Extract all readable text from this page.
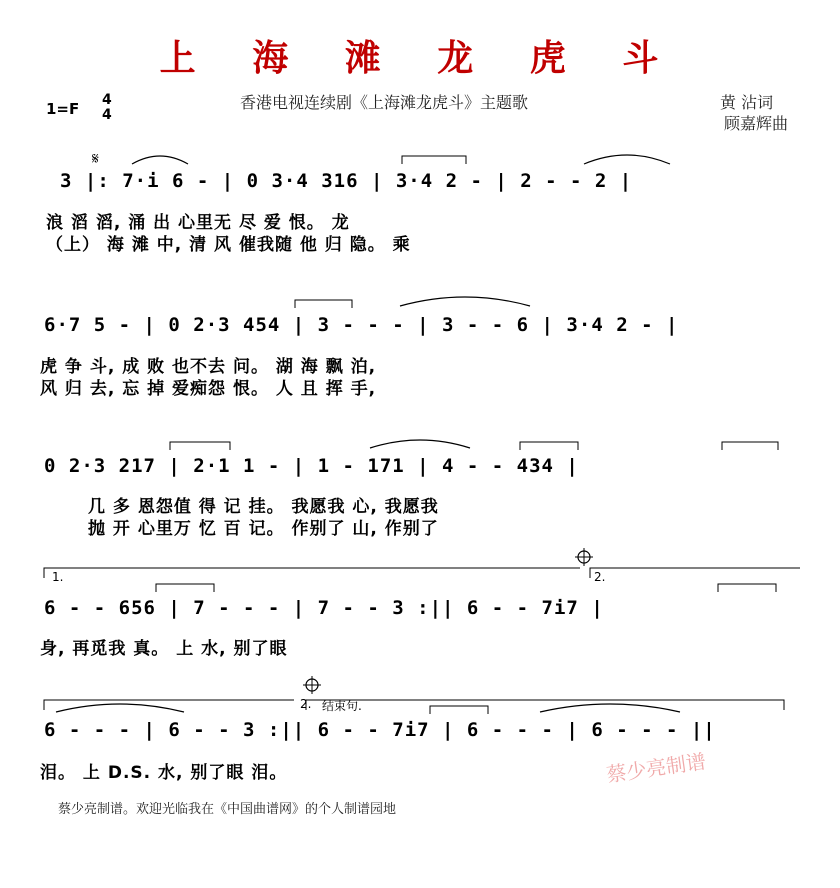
上 海 滩 龙 虎 斗
香港电视连续剧《上海滩龙虎斗》主题歌	黄 沾词
顾嘉辉曲
1=F 4
4
3 |: 7·i 6 - | 0 3·4 316 | 3·4 2 - | 2 - - 2 |
浪 滔 滔, 涌 出 心里无 尽 爱 恨。 龙
（上） 海 滩 中, 清 风 催我随 他 归 隐。 乘
6·7 5 - | 0 2·3 454 | 3 - - - | 3 - - 6 | 3·4 2 - |
虎 争 斗, 成 败 也不去 问。 湖 海 飘 泊,
风 归 去, 忘 掉 爱痴怨 恨。 人 且 挥 手,
0 2·3 217 | 2·1 1 - | 1 - 171 | 4 - - 434 |
几 多 恩怨值 得 记 挂。 我愿我 心, 我愿我
抛 开 心里万 忆 百 记。 作别了 山, 作别了
1.	2.
6 - - 656 | 7 - - - | 7 - - 3 :|| 6 - - 7i7 |
身, 再觅我 真。 上 水, 别了眼
2. 结束句.
6 - - - | 6 - - 3 :|| 6 - - 7i7 | 6 - - - | 6 - - - ||
泪。 上 D.S. 水, 别了眼 泪。	蔡少亮制谱
蔡少亮制谱。欢迎光临我在《中国曲谱网》的个人制谱园地
𝄋
